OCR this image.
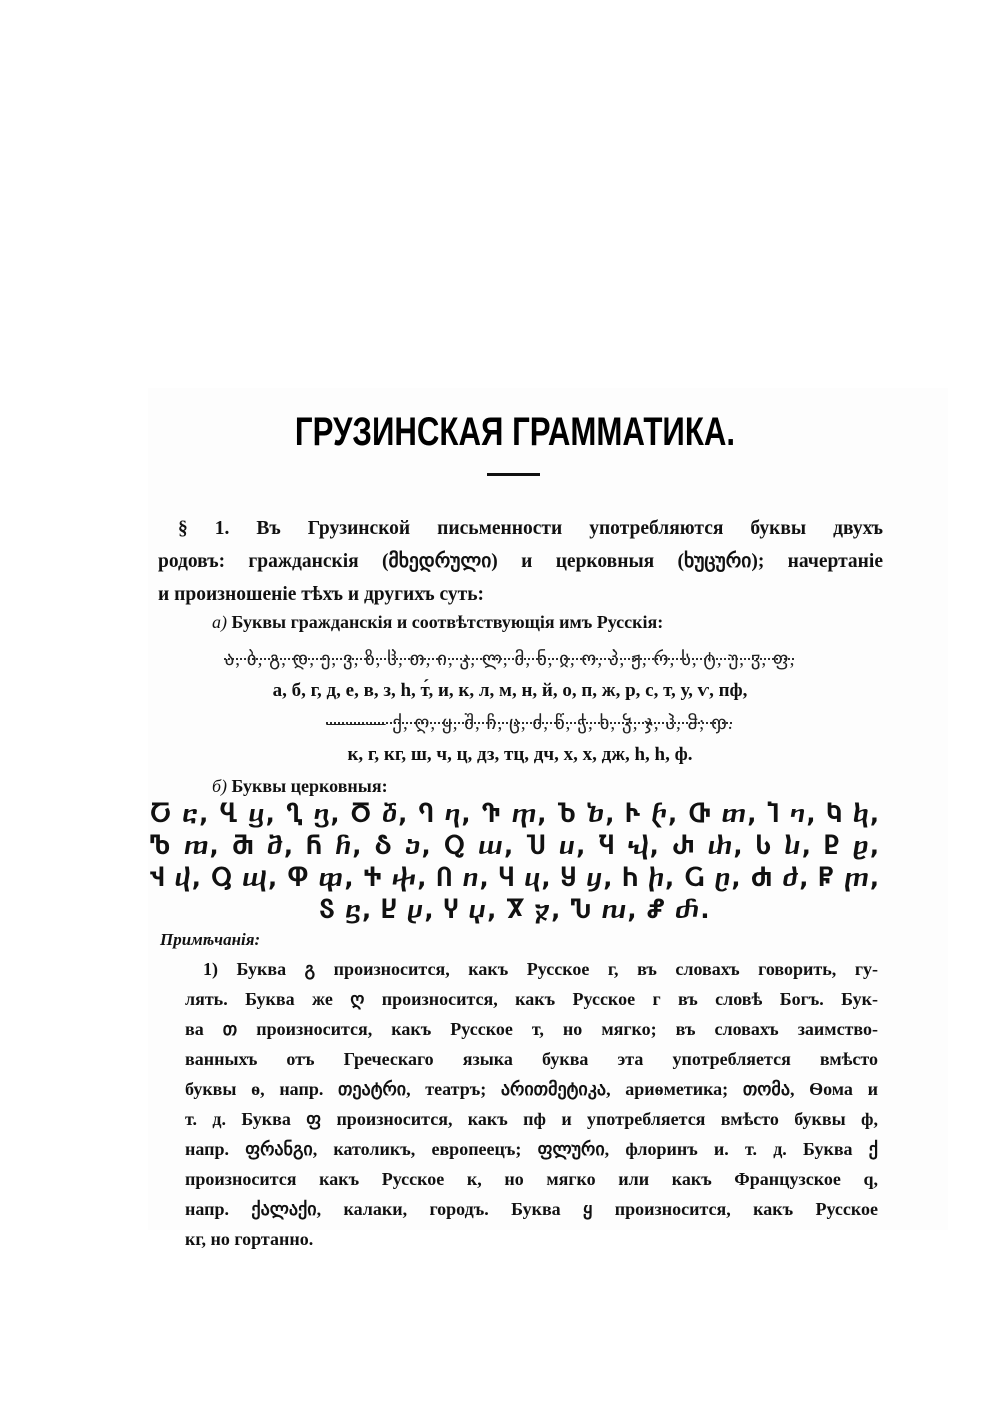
ГРУЗИНСКАЯ ГРАММАТИКА.
§ 1. Въ Грузинской письменности употребляются буквы двухъ
родовъ: гражданскія (მხედრული) и церковныя (ხუცური); начертаніе
и произношеніе тѣхъ и другихъ суть:
а) Буквы гражданскія и соотвѣтствующія имъ Русскія:
ა, ბ, გ, დ, ე, ვ, ზ, ჱ, თ, ი, კ, ლ, მ, ნ, ჲ, ო, პ, ჟ, რ, ს, ტ, უ, ჳ, ფ,
а, б, г, д, е, в, з, һ, т́, и, к, л, м, н, й, о, п, ж, р, с, т, у, ѵ, пф,
——— ქ, ღ, ყ, შ, ჩ, ც, ძ, წ, ჭ, ხ, ჴ, ჯ, ჰ, ჵ; ჶ.
к, г, кг, ш, ч, ц, дз, тц, дч, х, х, дж, һ, һ, ф.
б) Буквы церковныя:
Ⴀ ⴀ, Ⴁ ⴁ, Ⴂ ⴂ, Ⴃ ⴃ, Ⴄ ⴄ, Ⴅ ⴅ, Ⴆ ⴆ, Ⴡ ⴡ, Ⴇ ⴇ, Ⴈ ⴈ, Ⴉ ⴉ,
Ⴊ ⴊ, Ⴋ ⴋ, Ⴌ ⴌ, Ⴢ ⴢ, Ⴍ ⴍ, Ⴎ ⴎ, Ⴏ ⴏ, Ⴐ ⴐ, Ⴑ ⴑ, Ⴒ ⴒ,
Ⴣ ⴣ, Ⴓ ⴓ, Ⴔ ⴔ, Ⴕ ⴕ, Ⴖ ⴖ, Ⴗ ⴗ, Ⴘ ⴘ, Ⴙ ⴙ, Ⴚ ⴚ, Ⴛ ⴛ, Ⴜ ⴜ,
Ⴝ ⴝ, Ⴞ ⴞ, Ⴤ ⴤ, Ⴟ ⴟ, Ⴠ ⴠ, Ⴥ ⴥ.
Примѣчанія:
1) Буква გ произносится, какъ Русское г, въ словахъ говорить, гу-
лять. Буква же ღ произносится, какъ Русское г въ словѣ Богъ. Бук-
ва თ произносится, какъ Русское т, но мягко; въ словахъ заимство-
ванныхъ отъ Греческаго языка буква эта употребляется вмѣсто
буквы ѳ, напр. თეატრი, театръ; არითმეტიკა, ариѳметика; თომა, Ѳома и
т. д. Буква ფ произносится, какъ пф и употребляется вмѣсто буквы ф,
напр. ფრანგი, католикъ, европеецъ; ფლური, флоринъ и. т. д. Буква ქ
произносится какъ Русское к, но мягко или какъ Французское q,
напр. ქალაქი, калаки, городъ. Буква ყ произносится, какъ Русское
кг, но гортанно.
